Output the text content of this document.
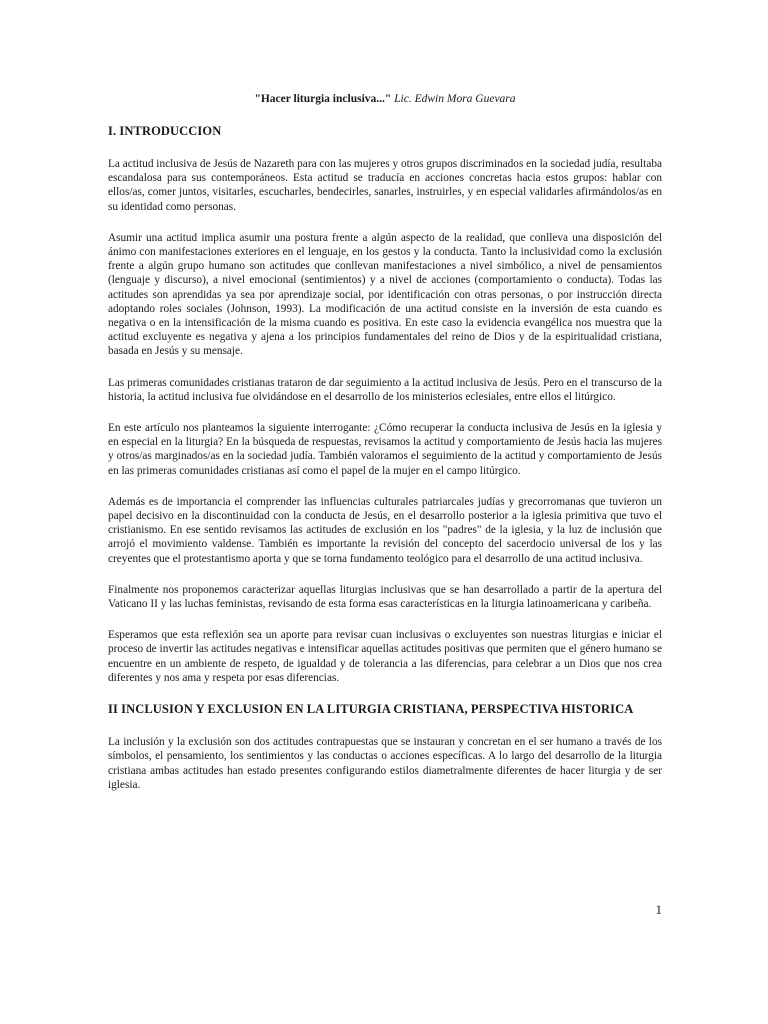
"Hacer liturgia inclusiva..." Lic. Edwin Mora Guevara
I. INTRODUCCION

La actitud inclusiva de Jesús de Nazareth para con las mujeres y otros grupos discriminados en la sociedad judía, resultaba escandalosa para sus contemporáneos. Esta actitud se traducía en acciones concretas hacia estos grupos: hablar con ellos/as, comer juntos, visitarles, escucharles, bendecirles, sanarles, instruirles, y en especial validarles afirmándolos/as en su identidad como personas.

Asumir una actitud implica asumir una postura frente a algún aspecto de la realidad, que conlleva una disposición del ánimo con manifestaciones exteriores en el lenguaje, en los gestos y la conducta. Tanto la inclusividad como la exclusión frente a algún grupo humano son actitudes que conllevan manifestaciones a nivel simbólico, a nivel de pensamientos (lenguaje y discurso), a nivel emocional (sentimientos) y a nivel de acciones (comportamiento o conducta). Todas las actitudes son aprendidas ya sea por aprendizaje social, por identificación con otras personas, o por instrucción directa adoptando roles sociales (Johnson, 1993). La modificación de una actitud consiste en la inversión de esta cuando es negativa o en la intensificación de la misma cuando es positiva. En este caso la evidencia evangélica nos muestra que la actitud excluyente es negativa y ajena a los principios fundamentales del reino de Dios y de la espiritualidad cristiana, basada en Jesús y su mensaje.

Las primeras comunidades cristianas trataron de dar seguimiento a la actitud inclusiva de Jesús. Pero en el transcurso de la historia, la actitud inclusiva fue olvidándose en el desarrollo de los ministerios eclesiales, entre ellos el litúrgico.

En este artículo nos planteamos la siguiente interrogante: ¿Cómo recuperar la conducta inclusiva de Jesús en la iglesia y en especial en la liturgia? En la búsqueda de respuestas, revisamos la actitud y comportamiento de Jesús hacia las mujeres y otros/as marginados/as en la sociedad judía. También valoramos el seguimiento de la actitud y comportamiento de Jesús en las primeras comunidades cristianas así como el papel de la mujer en el campo litúrgico.

Además es de importancia el comprender las influencias culturales patriarcales judías y grecorromanas que tuvieron un papel decisivo en la discontinuidad con la conducta de Jesús, en el desarrollo posterior a la iglesia primitiva que tuvo el cristianismo. En ese sentido revisamos las actitudes de exclusión en los "padres" de la iglesia, y la luz de inclusión que arrojó el movimiento valdense. También es importante la revisión del concepto del sacerdocio universal de los y las creyentes que el protestantismo aporta y que se torna fundamento teológico para el desarrollo de una actitud inclusiva.

Finalmente nos proponemos caracterizar aquellas liturgias inclusivas que se han desarrollado a partir de la apertura del Vaticano II y las luchas feministas, revisando de esta forma esas características en la liturgia latinoamericana y caribeña.

Esperamos que esta reflexión sea un aporte para revisar cuan inclusivas o excluyentes son nuestras liturgias e iniciar el proceso de invertir las actitudes negativas e intensificar aquellas actitudes positivas que permiten que el género humano se encuentre en un ambiente de respeto, de igualdad y de tolerancia a las diferencias, para celebrar a un Dios que nos crea diferentes y nos ama y respeta por esas diferencias.

II INCLUSION Y EXCLUSION EN LA LITURGIA CRISTIANA, PERSPECTIVA HISTORICA

La inclusión y la exclusión son dos actitudes contrapuestas que se instauran y concretan en el ser humano a través de los símbolos, el pensamiento, los sentimientos y las conductas o acciones específicas. A lo largo del desarrollo de la liturgia cristiana ambas actitudes han estado presentes configurando estilos diametralmente diferentes de hacer liturgia y de ser iglesia.

1
